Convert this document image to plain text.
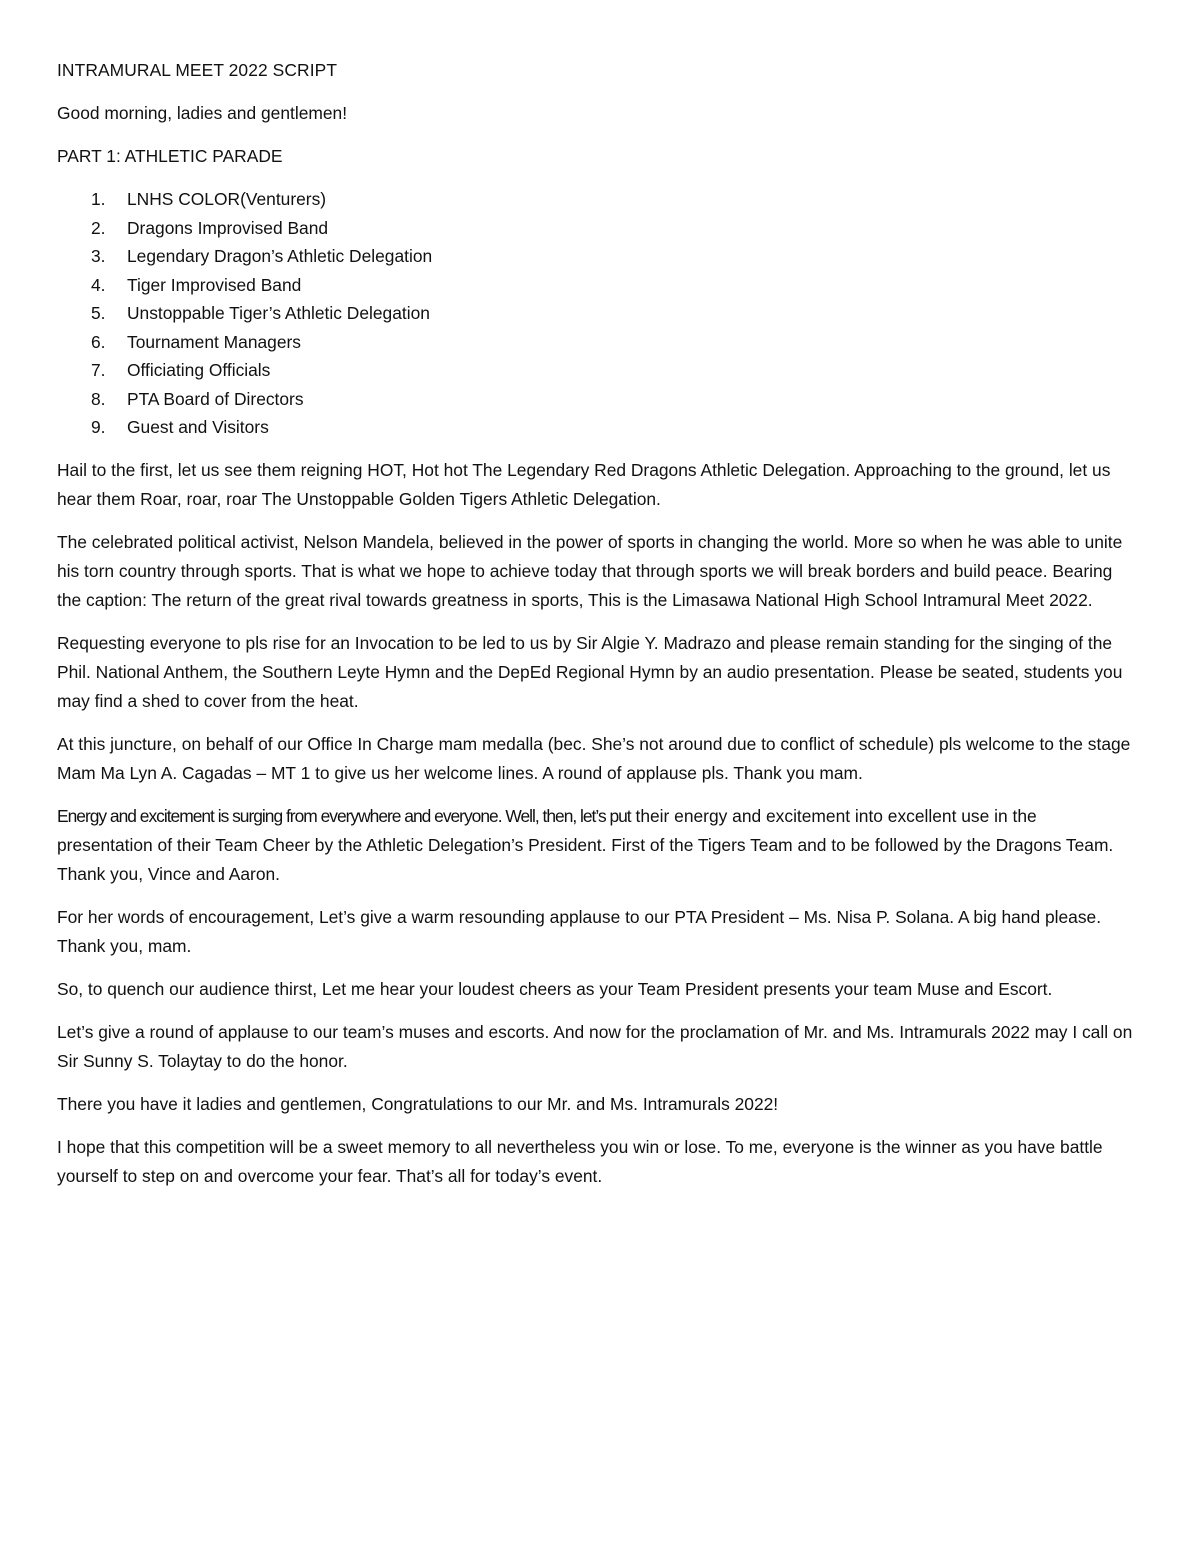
INTRAMURAL MEET 2022 SCRIPT
Good morning, ladies and gentlemen!
PART 1: ATHLETIC PARADE
1.	LNHS COLOR(Venturers)
2.	Dragons Improvised Band
3.	Legendary Dragon’s Athletic Delegation
4.	Tiger Improvised Band
5.	Unstoppable Tiger’s Athletic Delegation
6.	Tournament Managers
7.	Officiating Officials
8.	PTA Board of Directors
9.	Guest and Visitors

Hail to the first, let us see them reigning HOT, Hot hot The Legendary Red Dragons Athletic Delegation. Approaching to the ground, let us hear them Roar, roar, roar The Unstoppable Golden Tigers Athletic Delegation.

The celebrated political activist, Nelson Mandela, believed in the power of sports in changing the world. More so when he was able to unite his torn country through sports. That is what we hope to achieve today that through sports we will break borders and build peace. Bearing the caption: The return of the great rival towards greatness in sports, This is the Limasawa National High School Intramural Meet 2022.

Requesting everyone to pls rise for an Invocation to be led to us by Sir Algie Y. Madrazo and please remain standing for the singing of the Phil. National Anthem, the Southern Leyte Hymn and the DepEd Regional Hymn by an audio presentation. Please be seated, students you may find a shed to cover from the heat.

At this juncture, on behalf of our Office In Charge mam medalla (bec. She’s not around due to conflict of schedule) pls welcome to the stage Mam Ma Lyn A. Cagadas – MT 1 to give us her welcome lines. A round of applause pls. Thank you mam.

Energy and excitement is surging from everywhere and everyone. Well, then, let’s put their energy and excitement into excellent use in the presentation of their Team Cheer by the Athletic Delegation’s President. First of the Tigers Team and to be followed by the Dragons Team. Thank you, Vince and Aaron.

For her words of encouragement, Let’s give a warm resounding applause to our PTA President – Ms. Nisa P. Solana. A big hand please. Thank you, mam.

So, to quench our audience thirst, Let me hear your loudest cheers as your Team President presents your team Muse and Escort.

Let’s give a round of applause to our team’s muses and escorts. And now for the proclamation of Mr. and Ms. Intramurals 2022 may I call on Sir Sunny S. Tolaytay to do the honor.

There you have it ladies and gentlemen, Congratulations to our Mr. and Ms. Intramurals 2022!

I hope that this competition will be a sweet memory to all nevertheless you win or lose. To me, everyone is the winner as you have battle yourself to step on and overcome your fear. That’s all for today’s event.
